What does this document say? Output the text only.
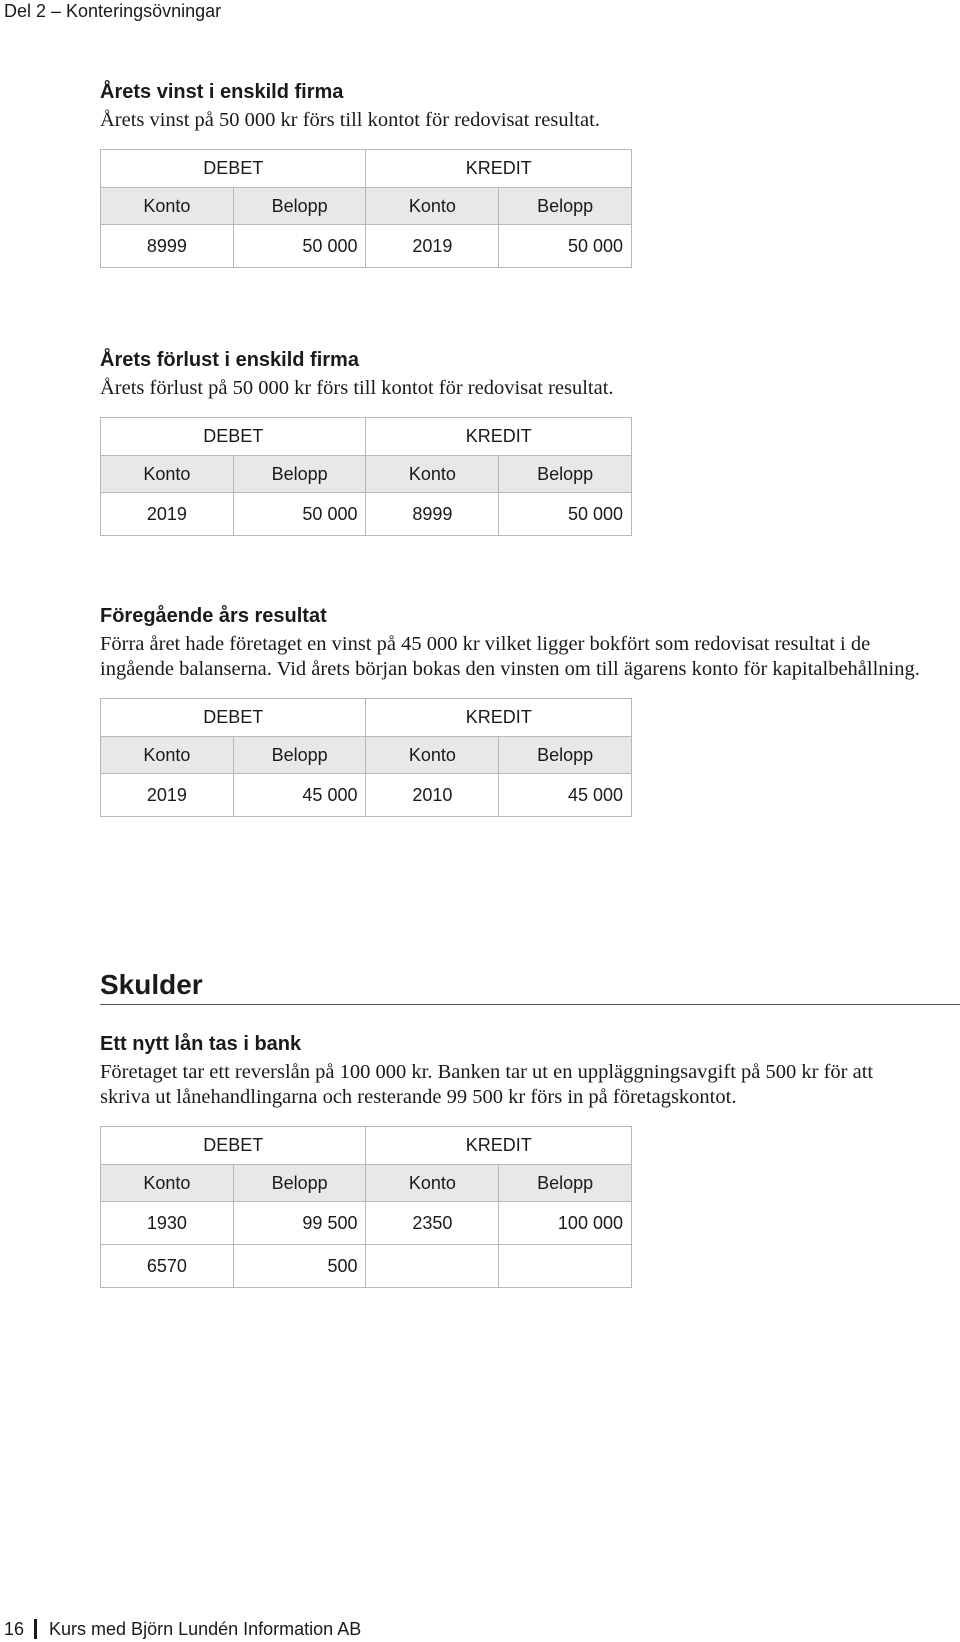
Del 2 – Konteringsövningar

Årets vinst i enskild firma

Årets vinst på 50 000 kr förs till kontot för redovisat resultat.

DEBET		KREDIT	
Konto	Belopp	Konto	Belopp
8999	50 000	2019	50 000

Årets förlust i enskild firma

Årets förlust på 50 000 kr förs till kontot för redovisat resultat.

DEBET		KREDIT	
Konto	Belopp	Konto	Belopp
2019	50 000	8999	50 000

Föregående års resultat

Förra året hade företaget en vinst på 45 000 kr vilket ligger bokfört som redovisat resultat i de ingående balanserna. Vid årets början bokas den vinsten om till ägarens konto för kapitalbehållning.

DEBET		KREDIT	
Konto	Belopp	Konto	Belopp
2019	45 000	2010	45 000
Skulder

Ett nytt lån tas i bank

Företaget tar ett reverslån på 100 000 kr. Banken tar ut en uppläggningsavgift på 500 kr för att skriva ut lånehandlingarna och resterande 99 500 kr förs in på företagskontot.

DEBET		KREDIT	
Konto	Belopp	Konto	Belopp
1930	99 500	2350	100 000
6570	500		
16 Kurs med Björn Lundén Information AB
